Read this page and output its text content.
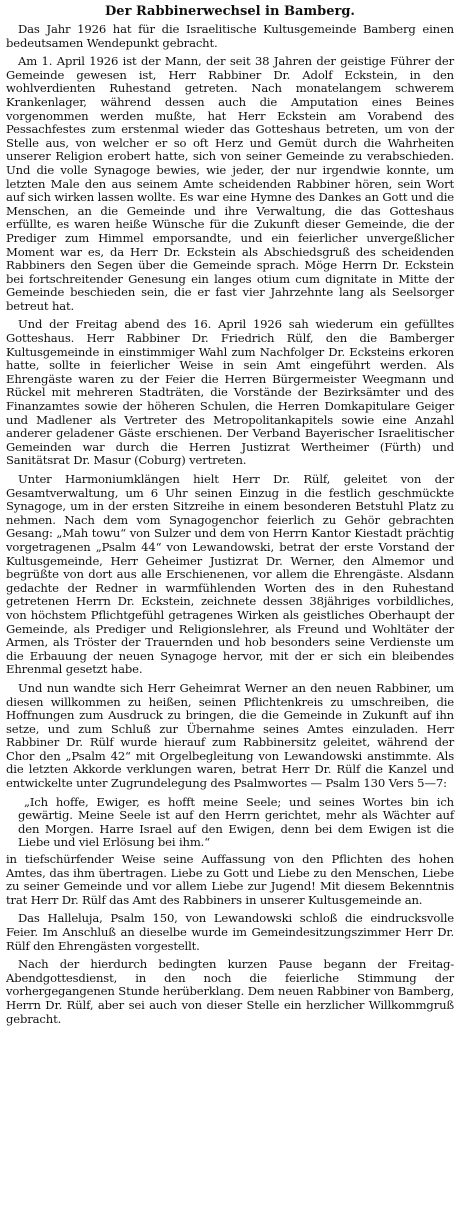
Der Rabbinerwechsel in Bamberg.

Das Jahr 1926 hat für die Israelitische Kultusgemeinde Bamberg einen bedeutsamen Wendepunkt gebracht.

Am 1. April 1926 ist der Mann, der seit 38 Jahren der geistige Führer der Gemeinde gewesen ist, Herr Rabbiner Dr. Adolf Eckstein, in den wohlverdienten Ruhestand getreten. Nach monatelangem schwerem Krankenlager, während dessen auch die Amputation eines Beines vorgenommen werden mußte, hat Herr Eckstein am Vorabend des Pessachfestes zum erstenmal wieder das Gotteshaus betreten, um von der Stelle aus, von welcher er so oft Herz und Gemüt durch die Wahrheiten unserer Religion erobert hatte, sich von seiner Gemeinde zu verabschieden. Und die volle Synagoge bewies, wie jeder, der nur irgendwie konnte, um letzten Male den aus seinem Amte scheidenden Rabbiner hören, sein Wort auf sich wirken lassen wollte. Es war eine Hymne des Dankes an Gott und die Menschen, an die Gemeinde und ihre Verwaltung, die das Gotteshaus erfüllte, es waren heiße Wünsche für die Zukunft dieser Gemeinde, die der Prediger zum Himmel emporsandte, und ein feierlicher unvergeßlicher Moment war es, da Herr Dr. Eckstein als Abschiedsgruß des scheidenden Rabbiners den Segen über die Gemeinde sprach. Möge Herrn Dr. Eckstein bei fortschreitender Genesung ein langes otium cum dignitate in Mitte der Gemeinde beschieden sein, die er fast vier Jahrzehnte lang als Seelsorger betreut hat.

Und der Freitag abend des 16. April 1926 sah wiederum ein gefülltes Gotteshaus. Herr Rabbiner Dr. Friedrich Rülf, den die Bamberger Kultusgemeinde in einstimmiger Wahl zum Nachfolger Dr. Ecksteins erkoren hatte, sollte in feierlicher Weise in sein Amt eingeführt werden. Als Ehrengäste waren zu der Feier die Herren Bürgermeister Weegmann und Rückel mit mehreren Stadträten, die Vorstände der Bezirksämter und des Finanzamtes sowie der höheren Schulen, die Herren Domkapitulare Geiger und Madlener als Vertreter des Metropolitankapitels sowie eine Anzahl anderer geladener Gäste erschienen. Der Verband Bayerischer Israelitischer Gemeinden war durch die Herren Justizrat Wertheimer (Fürth) und Sanitätsrat Dr. Masur (Coburg) vertreten.

Unter Harmoniumklängen hielt Herr Dr. Rülf, geleitet von der Gesamtverwaltung, um 6 Uhr seinen Einzug in die festlich geschmückte Synagoge, um in der ersten Sitzreihe in einem besonderen Betstuhl Platz zu nehmen. Nach dem vom Synagogenchor feierlich zu Gehör gebrachten Gesang: „Mah towu“ von Sulzer und dem von Herrn Kantor Kiestadt prächtig vorgetragenen „Psalm 44“ von Lewandowski, betrat der erste Vorstand der Kultusgemeinde, Herr Geheimer Justizrat Dr. Werner, den Almemor und begrüßte von dort aus alle Erschienenen, vor allem die Ehrengäste. Alsdann gedachte der Redner in warmfühlenden Worten des in den Ruhestand getretenen Herrn Dr. Eckstein, zeichnete dessen 38jähriges vorbildliches, von höchstem Pflichtgefühl getragenes Wirken als geistliches Oberhaupt der Gemeinde, als Prediger und Religionslehrer, als Freund und Wohltäter der Armen, als Tröster der Trauernden und hob besonders seine Verdienste um die Erbauung der neuen Synagoge hervor, mit der er sich ein bleibendes Ehrenmal gesetzt habe.

Und nun wandte sich Herr Geheimrat Werner an den neuen Rabbiner, um diesen willkommen zu heißen, seinen Pflichtenkreis zu umschreiben, die Hoffnungen zum Ausdruck zu bringen, die die Gemeinde in Zukunft auf ihn setze, und zum Schluß zur Übernahme seines Amtes einzuladen. Herr Rabbiner Dr. Rülf wurde hierauf zum Rabbinersitz geleitet, während der Chor den „Psalm 42“ mit Orgelbegleitung von Lewandowski anstimmte. Als die letzten Akkorde verklungen waren, betrat Herr Dr. Rülf die Kanzel und entwickelte unter Zugrundelegung des Psalmwortes — Psalm 130 Vers 5—7:

„Ich hoffe, Ewiger, es hofft meine Seele; und seines Wortes bin ich gewärtig. Meine Seele ist auf den Herrn gerichtet, mehr als Wächter auf den Morgen. Harre Israel auf den Ewigen, denn bei dem Ewigen ist die Liebe und viel Erlösung bei ihm.“

in tiefschürfender Weise seine Auffassung von den Pflichten des hohen Amtes, das ihm übertragen. Liebe zu Gott und Liebe zu den Menschen, Liebe zu seiner Gemeinde und vor allem Liebe zur Jugend! Mit diesem Bekenntnis trat Herr Dr. Rülf das Amt des Rabbiners in unserer Kultusgemeinde an.

Das Halleluja, Psalm 150, von Lewandowski schloß die eindrucksvolle Feier. Im Anschluß an dieselbe wurde im Gemeindesitzungszimmer Herr Dr. Rülf den Ehrengästen vorgestellt.

Nach der hierdurch bedingten kurzen Pause begann der Freitag-Abendgottesdienst, in den noch die feierliche Stimmung der vorhergegangenen Stunde herüberklang. Dem neuen Rabbiner von Bamberg, Herrn Dr. Rülf, aber sei auch von dieser Stelle ein herzlicher Willkommgruß gebracht.
